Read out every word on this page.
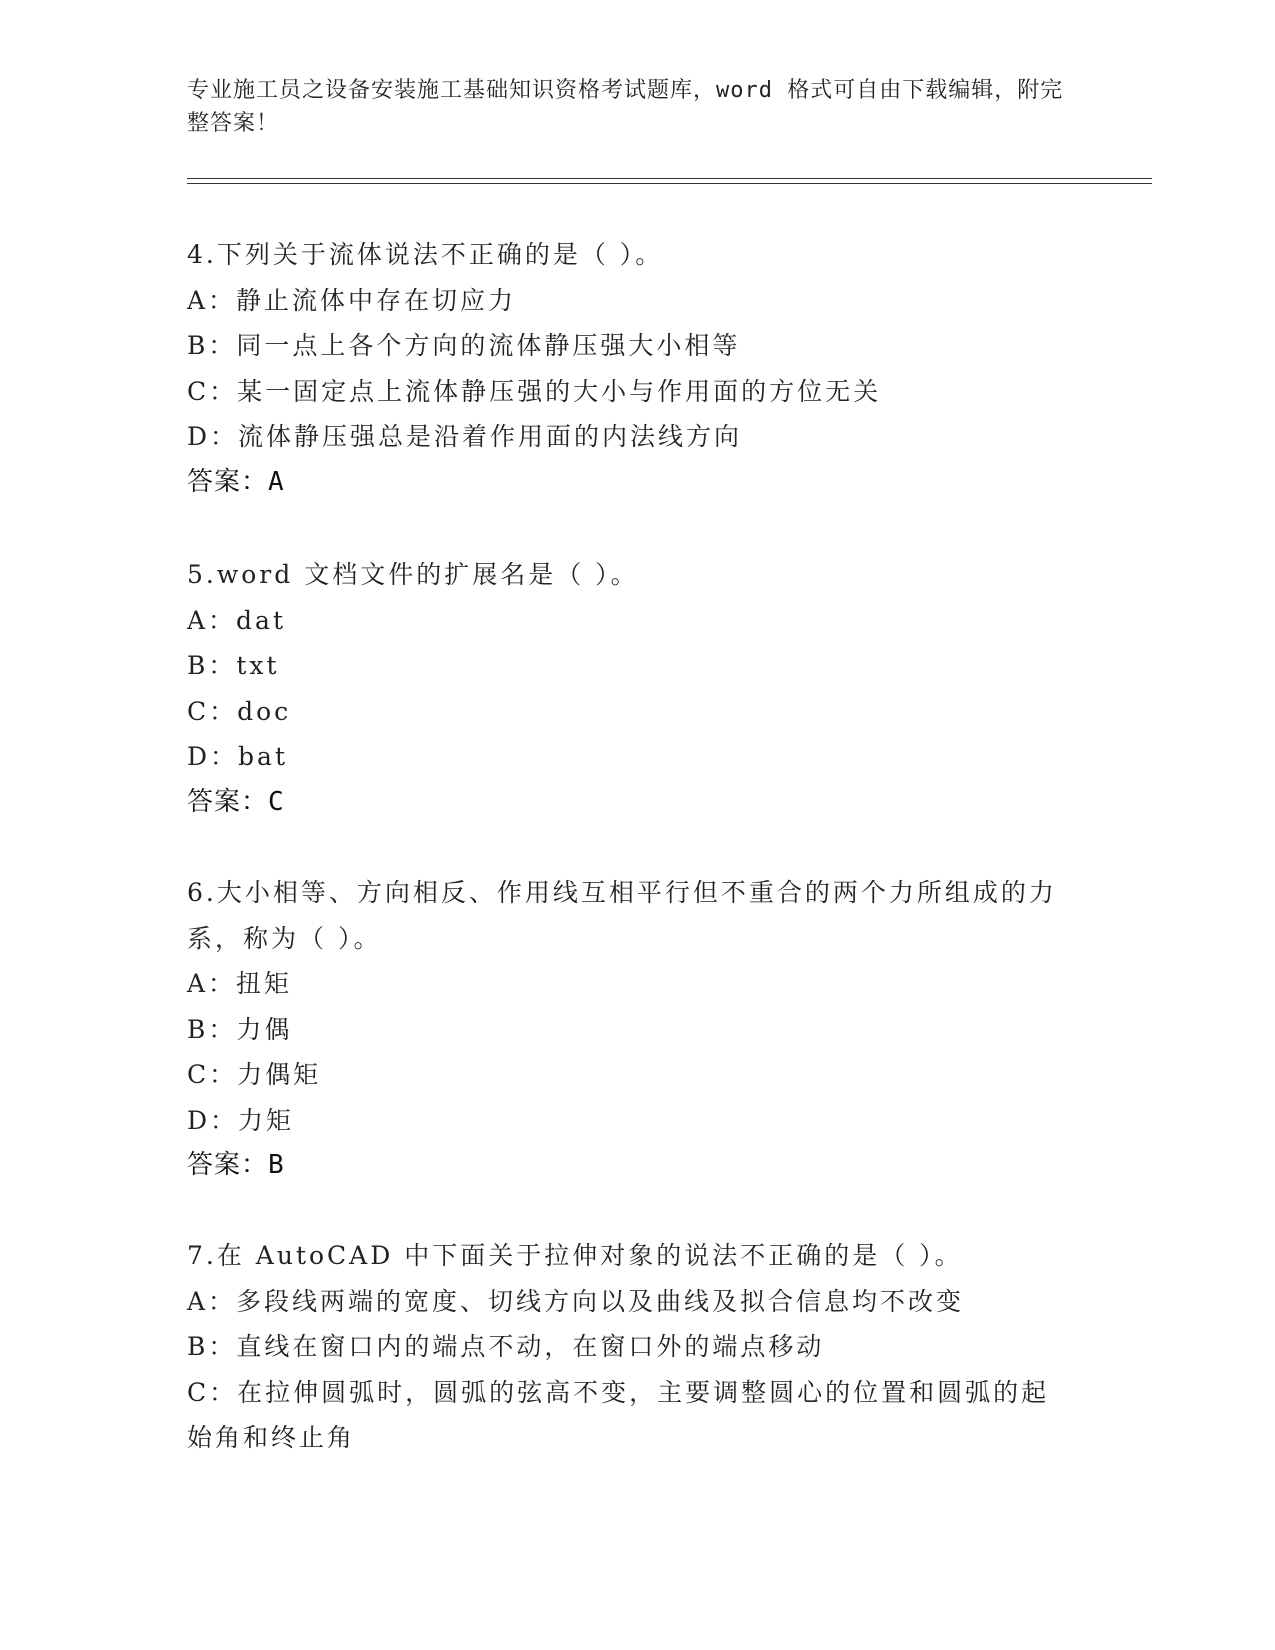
专业施工员之设备安装施工基础知识资格考试题库，word 格式可自由下载编辑，附完整答案！
4.下列关于流体说法不正确的是（ ）。
A：静止流体中存在切应力
B：同一点上各个方向的流体静压强大小相等
C：某一固定点上流体静压强的大小与作用面的方位无关
D：流体静压强总是沿着作用面的内法线方向
答案：A
5.word 文档文件的扩展名是（ ）。
A：dat
B：txt
C：doc
D：bat
答案：C
6.大小相等、方向相反、作用线互相平行但不重合的两个力所组成的力系，称为（ ）。
A：扭矩
B：力偶
C：力偶矩
D：力矩
答案：B
7.在 AutoCAD 中下面关于拉伸对象的说法不正确的是（ ）。
A：多段线两端的宽度、切线方向以及曲线及拟合信息均不改变
B：直线在窗口内的端点不动，在窗口外的端点移动
C：在拉伸圆弧时，圆弧的弦高不变，主要调整圆心的位置和圆弧的起始角和终止角
